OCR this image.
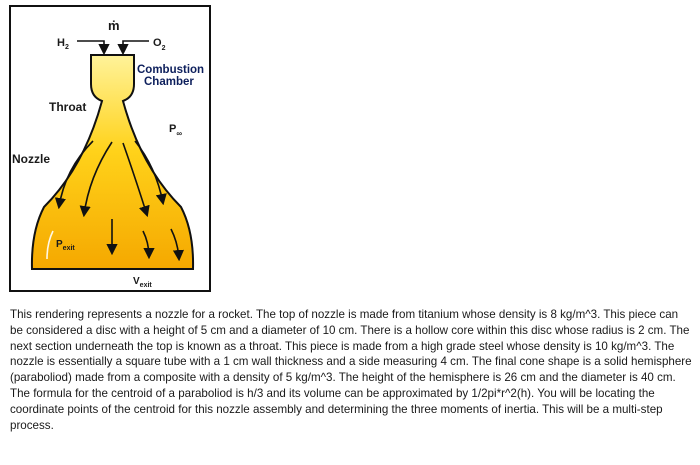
$H_2$
ṁ
$O_2$
Combustion
Chamber
Throat
$P_\infty$
Nozzle
$P_{exit}$
$V_{exit}$

This rendering represents a nozzle for a rocket. The top of nozzle is made from titanium whose density is 8 kg/m^3. This piece can be considered a disc with a height of 5 cm and a diameter of 10 cm. There is a hollow core within this disc whose radius is 2 cm. The next section underneath the top is known as a throat. This piece is made from a high grade steel whose density is 10 kg/m^3. The nozzle is essentially a square tube with a 1 cm wall thickness and a side measuring 4 cm. The final cone shape is a solid hemisphere (paraboliod) made from a composite with a density of 5 kg/m^3. The height of the hemisphere is 26 cm and the diameter is 40 cm. The formula for the centroid of a paraboliod is h/3 and its volume can be approximated by 1/2pi*r^2(h). You will be locating the coordinate points of the centroid for this nozzle assembly and determining the three moments of inertia. This will be a multi-step process.
